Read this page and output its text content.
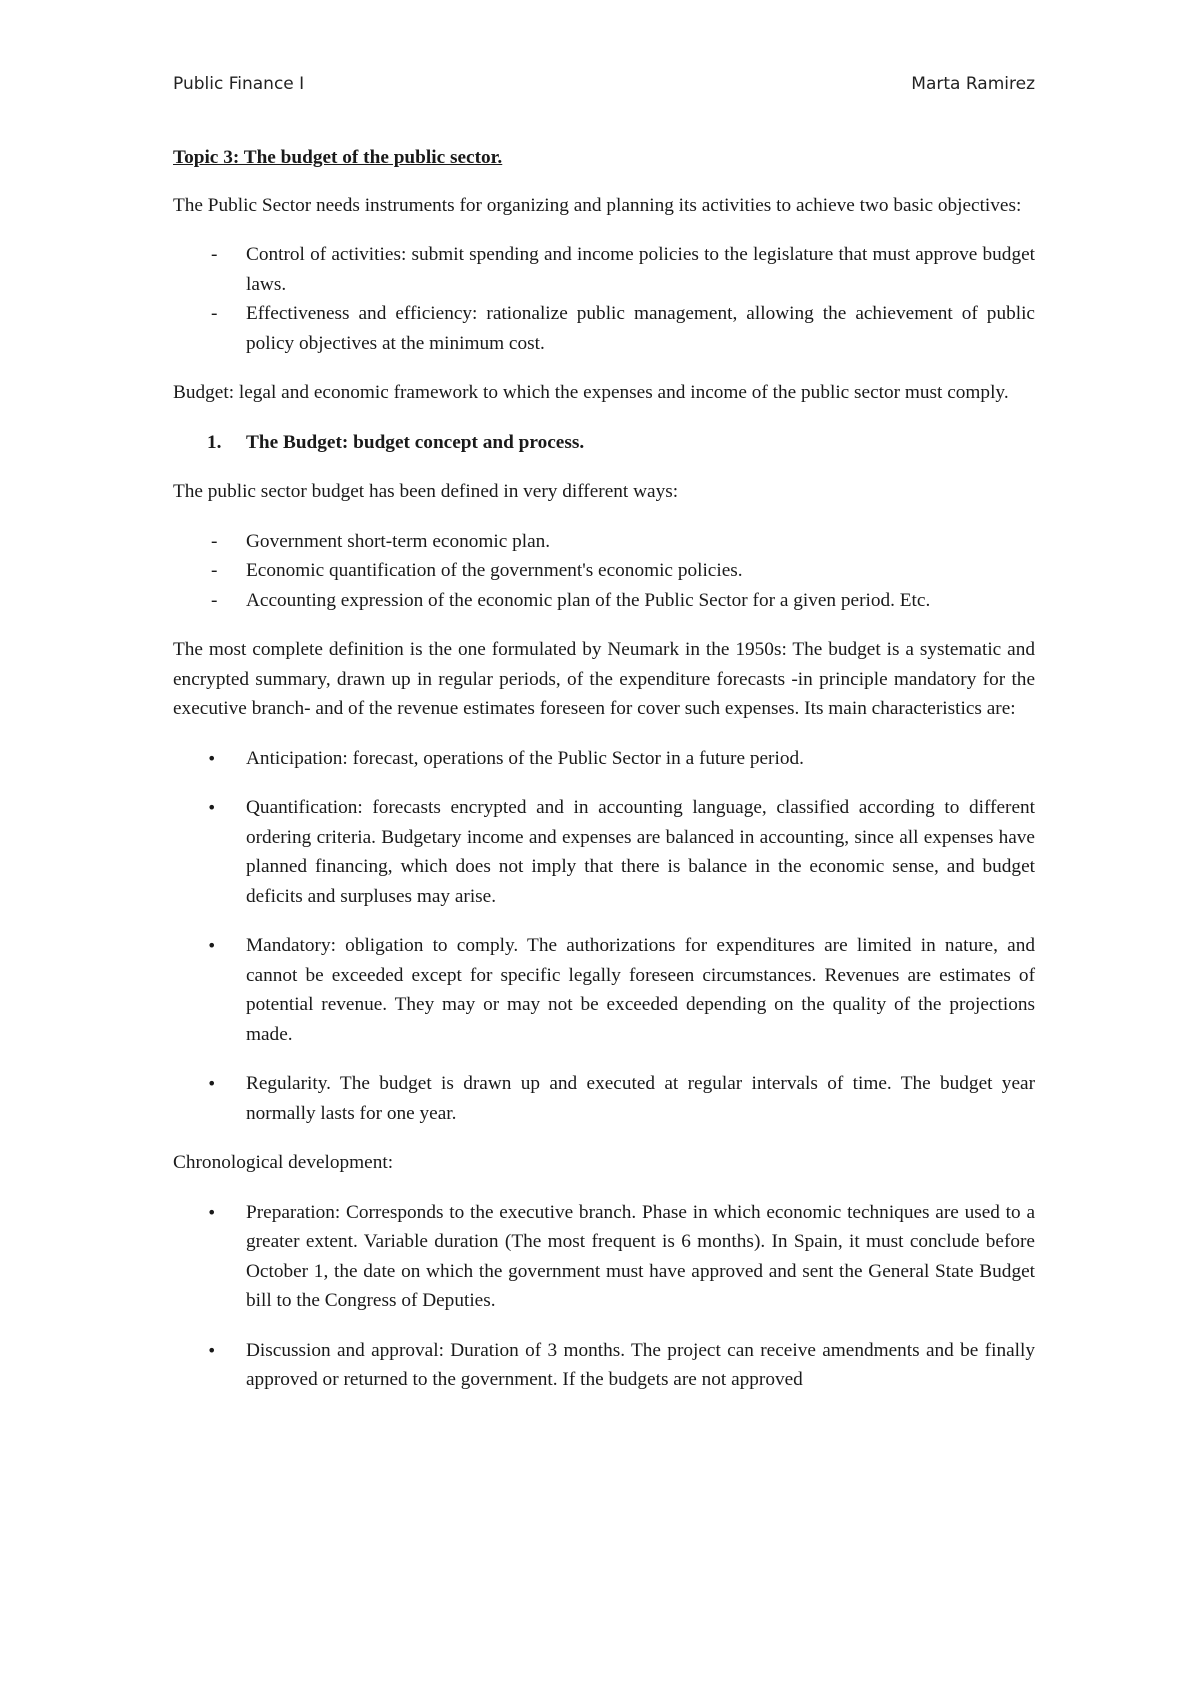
Public Finance I	Marta Ramirez

Topic 3: The budget of the public sector.

The Public Sector needs instruments for organizing and planning its activities to achieve two basic objectives:

- Control of activities: submit spending and income policies to the legislature that must approve budget laws.
- Effectiveness and efficiency: rationalize public management, allowing the achievement of public policy objectives at the minimum cost.

Budget: legal and economic framework to which the expenses and income of the public sector must comply.

1. The Budget: budget concept and process.

The public sector budget has been defined in very different ways:

- Government short-term economic plan.
- Economic quantification of the government's economic policies.
- Accounting expression of the economic plan of the Public Sector for a given period. Etc.

The most complete definition is the one formulated by Neumark in the 1950s: The budget is a systematic and encrypted summary, drawn up in regular periods, of the expenditure forecasts -in principle mandatory for the executive branch- and of the revenue estimates foreseen for cover such expenses. Its main characteristics are:

• Anticipation: forecast, operations of the Public Sector in a future period.
• Quantification: forecasts encrypted and in accounting language, classified according to different ordering criteria. Budgetary income and expenses are balanced in accounting, since all expenses have planned financing, which does not imply that there is balance in the economic sense, and budget deficits and surpluses may arise.
• Mandatory: obligation to comply. The authorizations for expenditures are limited in nature, and cannot be exceeded except for specific legally foreseen circumstances. Revenues are estimates of potential revenue. They may or may not be exceeded depending on the quality of the projections made.
• Regularity. The budget is drawn up and executed at regular intervals of time. The budget year normally lasts for one year.

Chronological development:

• Preparation: Corresponds to the executive branch. Phase in which economic techniques are used to a greater extent. Variable duration (The most frequent is 6 months). In Spain, it must conclude before October 1, the date on which the government must have approved and sent the General State Budget bill to the Congress of Deputies.
• Discussion and approval: Duration of 3 months. The project can receive amendments and be finally approved or returned to the government. If the budgets are not approved
